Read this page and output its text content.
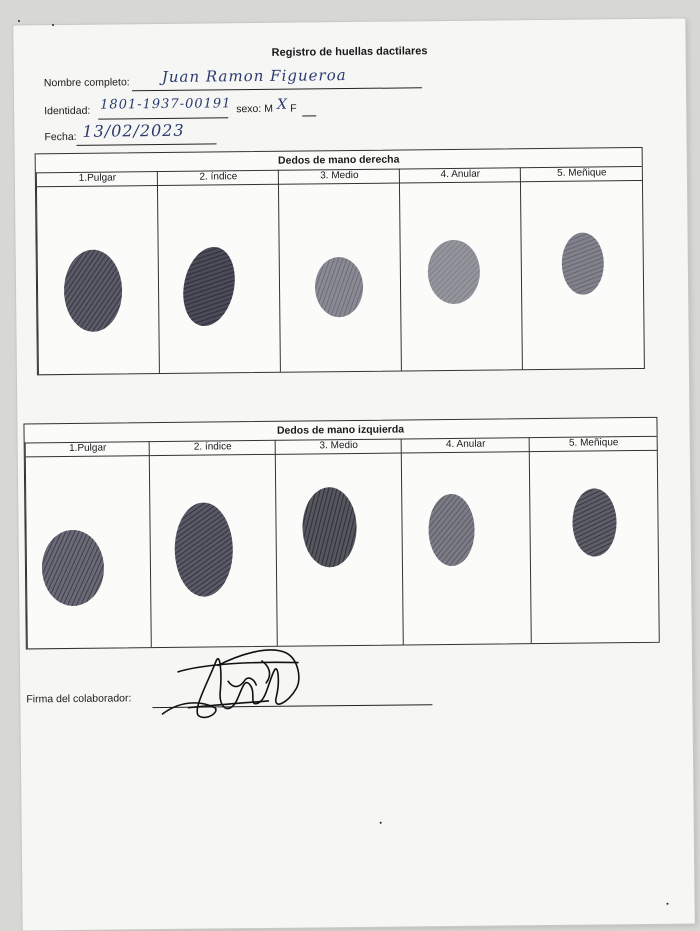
Registro de huellas dactilares
Nombre completo: Juan Ramon Figueroa
Identidad: 1801-1937-00191 sexo: M X F
Fecha: 13/02/2023
Dedos de mano derecha
1.Pulgar	2. índice	3. Medio	4. Anular	5. Meñique
Dedos de mano izquierda
1.Pulgar	2. índice	3. Medio	4. Anular	5. Meñique
Firma del colaborador:
